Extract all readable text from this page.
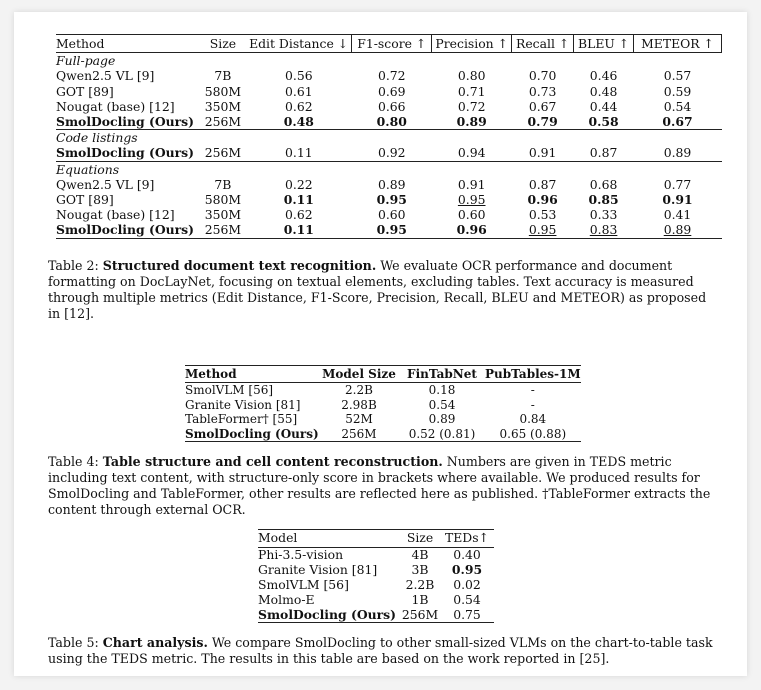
Method	Size	Edit Distance ↓	F1-score ↑	Precision ↑	Recall ↑	BLEU ↑	METEOR ↑
Full-page							
Qwen2.5 VL [9]	7B	0.56	0.72	0.80	0.70	0.46	0.57
GOT [89]	580M	0.61	0.69	0.71	0.73	0.48	0.59
Nougat (base) [12]	350M	0.62	0.66	0.72	0.67	0.44	0.54
SmolDocling (Ours)	256M	0.48	0.80	0.89	0.79	0.58	0.67
Code listings							
SmolDocling (Ours)	256M	0.11	0.92	0.94	0.91	0.87	0.89
Equations							
Qwen2.5 VL [9]	7B	0.22	0.89	0.91	0.87	0.68	0.77
GOT [89]	580M	0.11	0.95	0.95	0.96	0.85	0.91
Nougat (base) [12]	350M	0.62	0.60	0.60	0.53	0.33	0.41
SmolDocling (Ours)	256M	0.11	0.95	0.96	0.95	0.83	0.89

Table 2: Structured document text recognition. We evaluate OCR performance and document formatting on DocLayNet, focusing on textual elements, excluding tables. Text accuracy is measured through multiple metrics (Edit Distance, F1-Score, Precision, Recall, BLEU and METEOR) as proposed in [12].

Method	Model Size	FinTabNet	PubTables-1M
SmolVLM [56]	2.2B	0.18	-
Granite Vision [81]	2.98B	0.54	-
TableFormer† [55]	52M	0.89	0.84
SmolDocling (Ours)	256M	0.52 (0.81)	0.65 (0.88)

Table 4: Table structure and cell content reconstruction. Numbers are given in TEDS metric including text content, with structure-only score in brackets where available. We produced results for SmolDocling and TableFormer, other results are reflected here as published. †TableFormer extracts the content through external OCR.

Model	Size	TEDs↑
Phi-3.5-vision	4B	0.40
Granite Vision [81]	3B	0.95
SmolVLM [56]	2.2B	0.02
Molmo-E	1B	0.54
SmolDocling (Ours)	256M	0.75

Table 5: Chart analysis. We compare SmolDocling to other small-sized VLMs on the chart-to-table task using the TEDS metric. The results in this table are based on the work reported in [25].
